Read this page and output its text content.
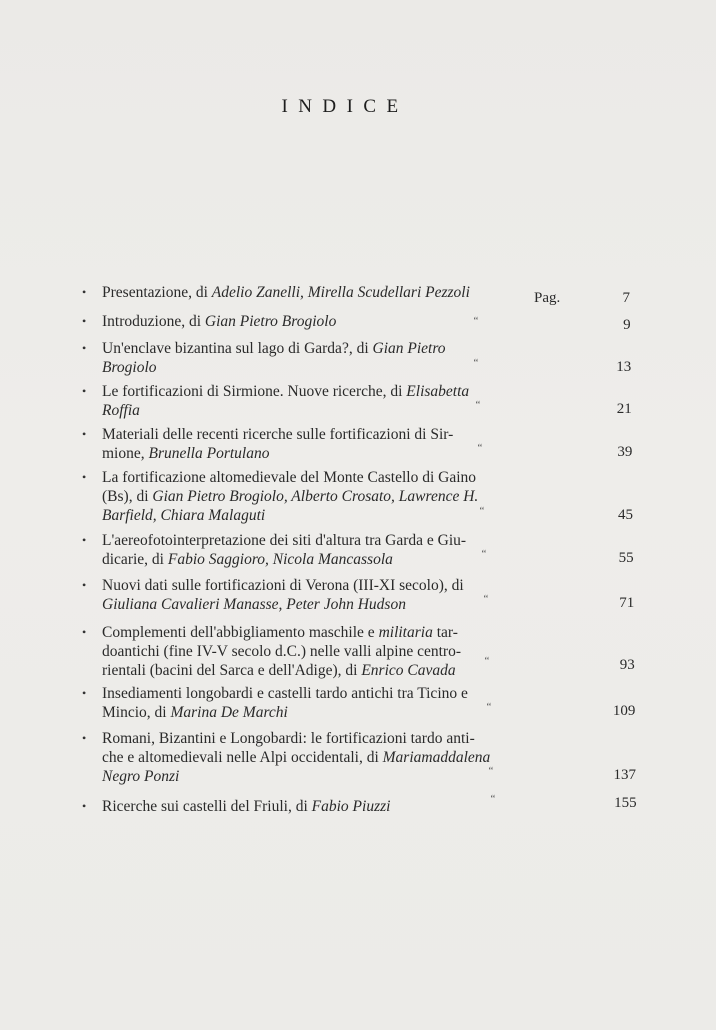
INDICE
•	Presentazione, di Adelio Zanelli, Mirella Scudellari Pezzoli	Pag.	7
•	Introduzione, di Gian Pietro Brogiolo	“	9
•	Un'enclave bizantina sul lago di Garda?, di Gian Pietro
Brogiolo	“	13
•	Le fortificazioni di Sirmione. Nuove ricerche, di Elisabetta
Roffia	“	21
•	Materiali delle recenti ricerche sulle fortificazioni di Sir-
mione, Brunella Portulano	“	39
•	La fortificazione altomedievale del Monte Castello di Gaino
(Bs), di Gian Pietro Brogiolo, Alberto Crosato, Lawrence H.
Barfield, Chiara Malaguti	“	45
•	L'aereofotointerpretazione dei siti d'altura tra Garda e Giu-
dicarie, di Fabio Saggioro, Nicola Mancassola	“	55
•	Nuovi dati sulle fortificazioni di Verona (III-XI secolo), di
Giuliana Cavalieri Manasse, Peter John Hudson	“	71
•	Complementi dell'abbigliamento maschile e militaria tar-
doantichi (fine IV-V secolo d.C.) nelle valli alpine centro-
rientali (bacini del Sarca e dell'Adige), di Enrico Cavada
“	93
•	Insediamenti longobardi e castelli tardo antichi tra Ticino e
Mincio, di Marina De Marchi	“	109
•	Romani, Bizantini e Longobardi: le fortificazioni tardo anti-
che e altomedievali nelle Alpi occidentali, di Mariamaddalena
Negro Ponzi	“	137
•	Ricerche sui castelli del Friuli, di Fabio Piuzzi	“	155
